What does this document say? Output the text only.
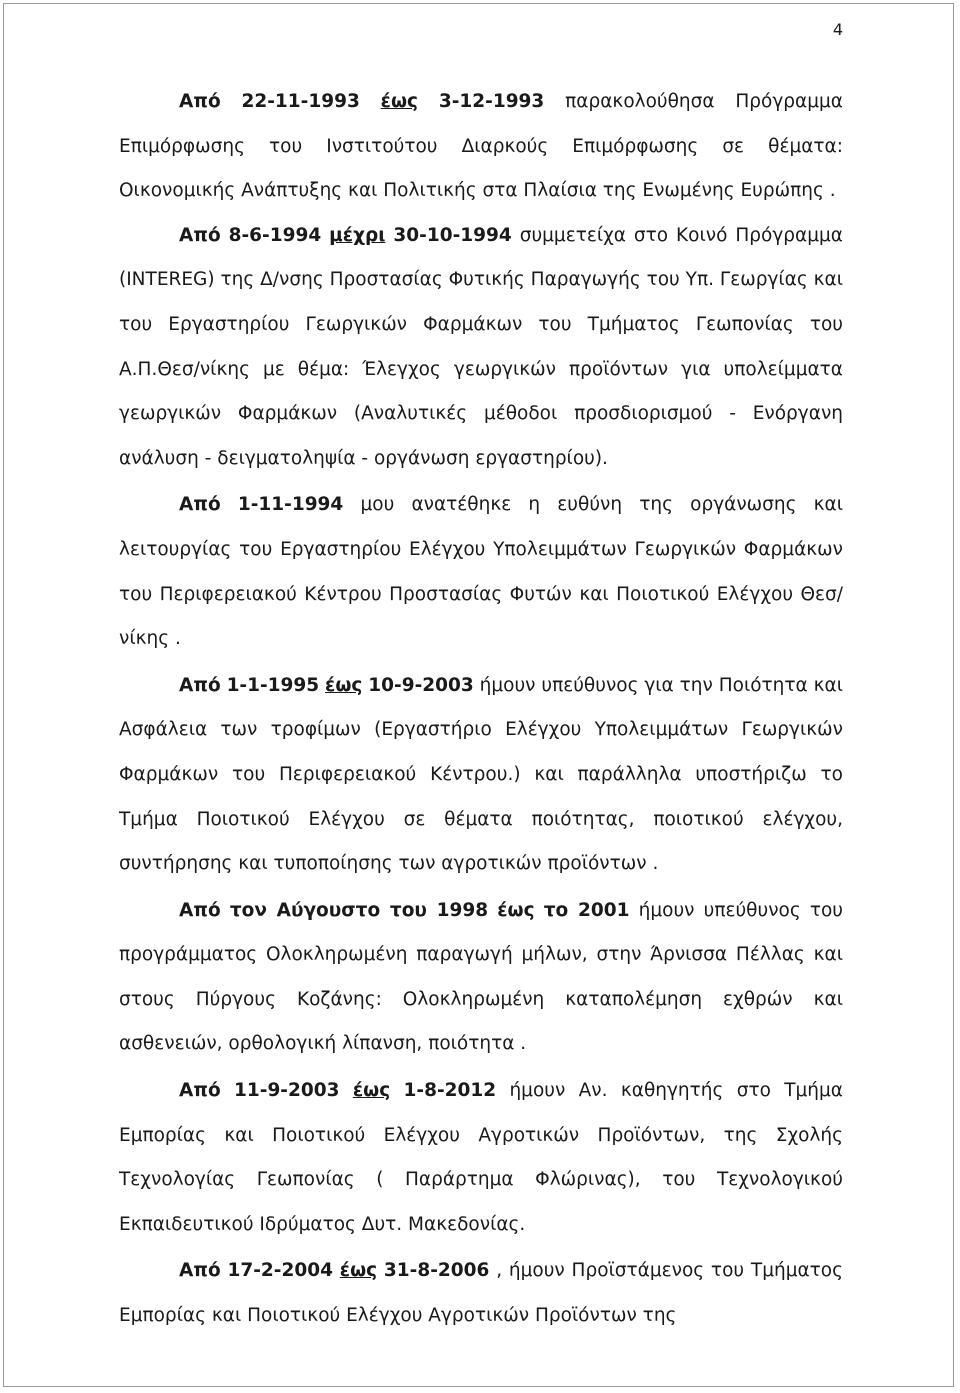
4

Από 22-11-1993 έως 3-12-1993 παρακολούθησα Πρόγραμμα Επιμόρφωσης του Ινστιτούτου Διαρκούς Επιμόρφωσης σε θέματα: Οικονομικής Ανάπτυξης και Πολιτικής στα Πλαίσια της Ενωμένης Ευρώπης .

Από 8-6-1994 μέχρι 30-10-1994 συμμετείχα στο Κοινό Πρόγραμμα (INTEREG) της Δ/νσης Προστασίας Φυτικής Παραγωγής του Υπ. Γεωργίας και του Εργαστηρίου Γεωργικών Φαρμάκων του Τμήματος Γεωπονίας του Α.Π.Θεσ/νίκης με θέμα: Έλεγχος γεωργικών προϊόντων για υπολείμματα γεωργικών Φαρμάκων (Αναλυτικές μέθοδοι προσδιορισμού - Ενόργανη ανάλυση - δειγματοληψία - οργάνωση εργαστηρίου).

Από 1-11-1994 μου ανατέθηκε η ευθύνη της οργάνωσης και λειτουργίας του Εργαστηρίου Ελέγχου Υπολειμμάτων Γεωργικών Φαρμάκων του Περιφερειακού Κέντρου Προστασίας Φυτών και Ποιοτικού Ελέγχου Θεσ/νίκης .

Από 1-1-1995 έως 10-9-2003 ήμουν υπεύθυνος για την Ποιότητα και Ασφάλεια των τροφίμων (Εργαστήριο Ελέγχου Υπολειμμάτων Γεωργικών Φαρμάκων του Περιφερειακού Κέντρου.) και παράλληλα υποστήριζω το Τμήμα Ποιοτικού Ελέγχου σε θέματα ποιότητας, ποιοτικού ελέγχου, συντήρησης και τυποποίησης των αγροτικών προϊόντων .

Από τον Αύγουστο του 1998 έως το 2001 ήμουν υπεύθυνος του προγράμματος Ολοκληρωμένη παραγωγή μήλων, στην Άρνισσα Πέλλας και στους Πύργους Κοζάνης: Ολοκληρωμένη καταπολέμηση εχθρών και ασθενειών, ορθολογική λίπανση, ποιότητα .

Από 11-9-2003 έως 1-8-2012 ήμουν Αν. καθηγητής στο Τμήμα Εμπορίας και Ποιοτικού Ελέγχου Αγροτικών Προϊόντων, της Σχολής Τεχνολογίας Γεωπονίας ( Παράρτημα Φλώρινας), του Τεχνολογικού Εκπαιδευτικού Ιδρύματος Δυτ. Μακεδονίας.

Από 17-2-2004 έως 31-8-2006 , ήμουν Προϊστάμενος του Τμήματος Εμπορίας και Ποιοτικού Ελέγχου Αγροτικών Προϊόντων της
